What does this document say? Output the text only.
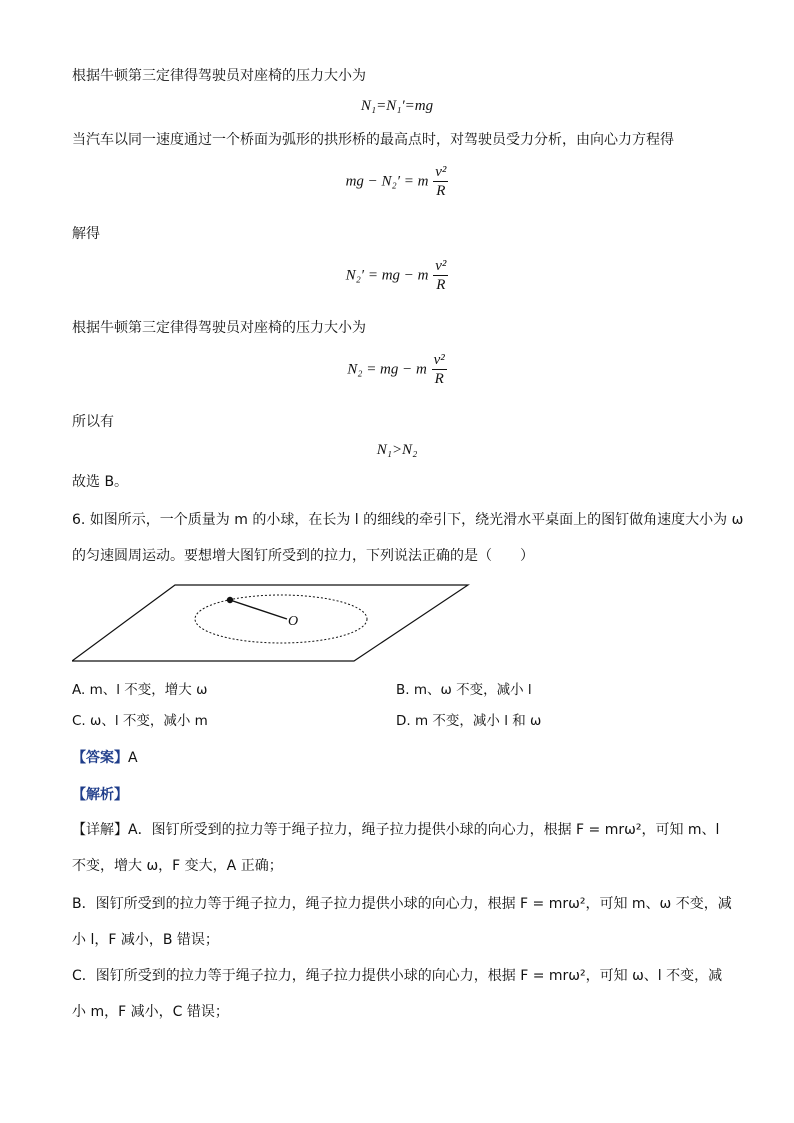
根据牛顿第三定律得驾驶员对座椅的压力大小为
N₁=N₁′=mg
当汽车以同一速度通过一个桥面为弧形的拱形桥的最高点时，对驾驶员受力分析，由向心力方程得
mg − N₂′ = m $\frac{\text{v²}}{R}$
解得
N₂′ = mg − m $\frac{\text{v²}}{R}$
根据牛顿第三定律得驾驶员对座椅的压力大小为
N₂ = mg − m $\frac{\text{v²}}{R}$
所以有
N₁>N₂
故选 B。
6. 如图所示，一个质量为 m 的小球，在长为 l 的细线的牵引下，绕光滑水平桌面上的图钉做角速度大小为 ω
的匀速圆周运动。要想增大图钉所受到的拉力，下列说法正确的是（　　）
O
A. m、l 不变，增大 ω	B. m、ω 不变，减小 l
C. ω、l 不变，减小 m	D. m 不变，减小 l 和 ω
【答案】A
【解析】
【详解】A．图钉所受到的拉力等于绳子拉力，绳子拉力提供小球的向心力，根据 F = mrω²，可知 m、l
不变，增大 ω，F 变大，A 正确；
B．图钉所受到的拉力等于绳子拉力，绳子拉力提供小球的向心力，根据 F = mrω²，可知 m、ω 不变，减
小 l，F 减小，B 错误；
C．图钉所受到的拉力等于绳子拉力，绳子拉力提供小球的向心力，根据 F = mrω²，可知 ω、l 不变，减
小 m，F 减小，C 错误；
